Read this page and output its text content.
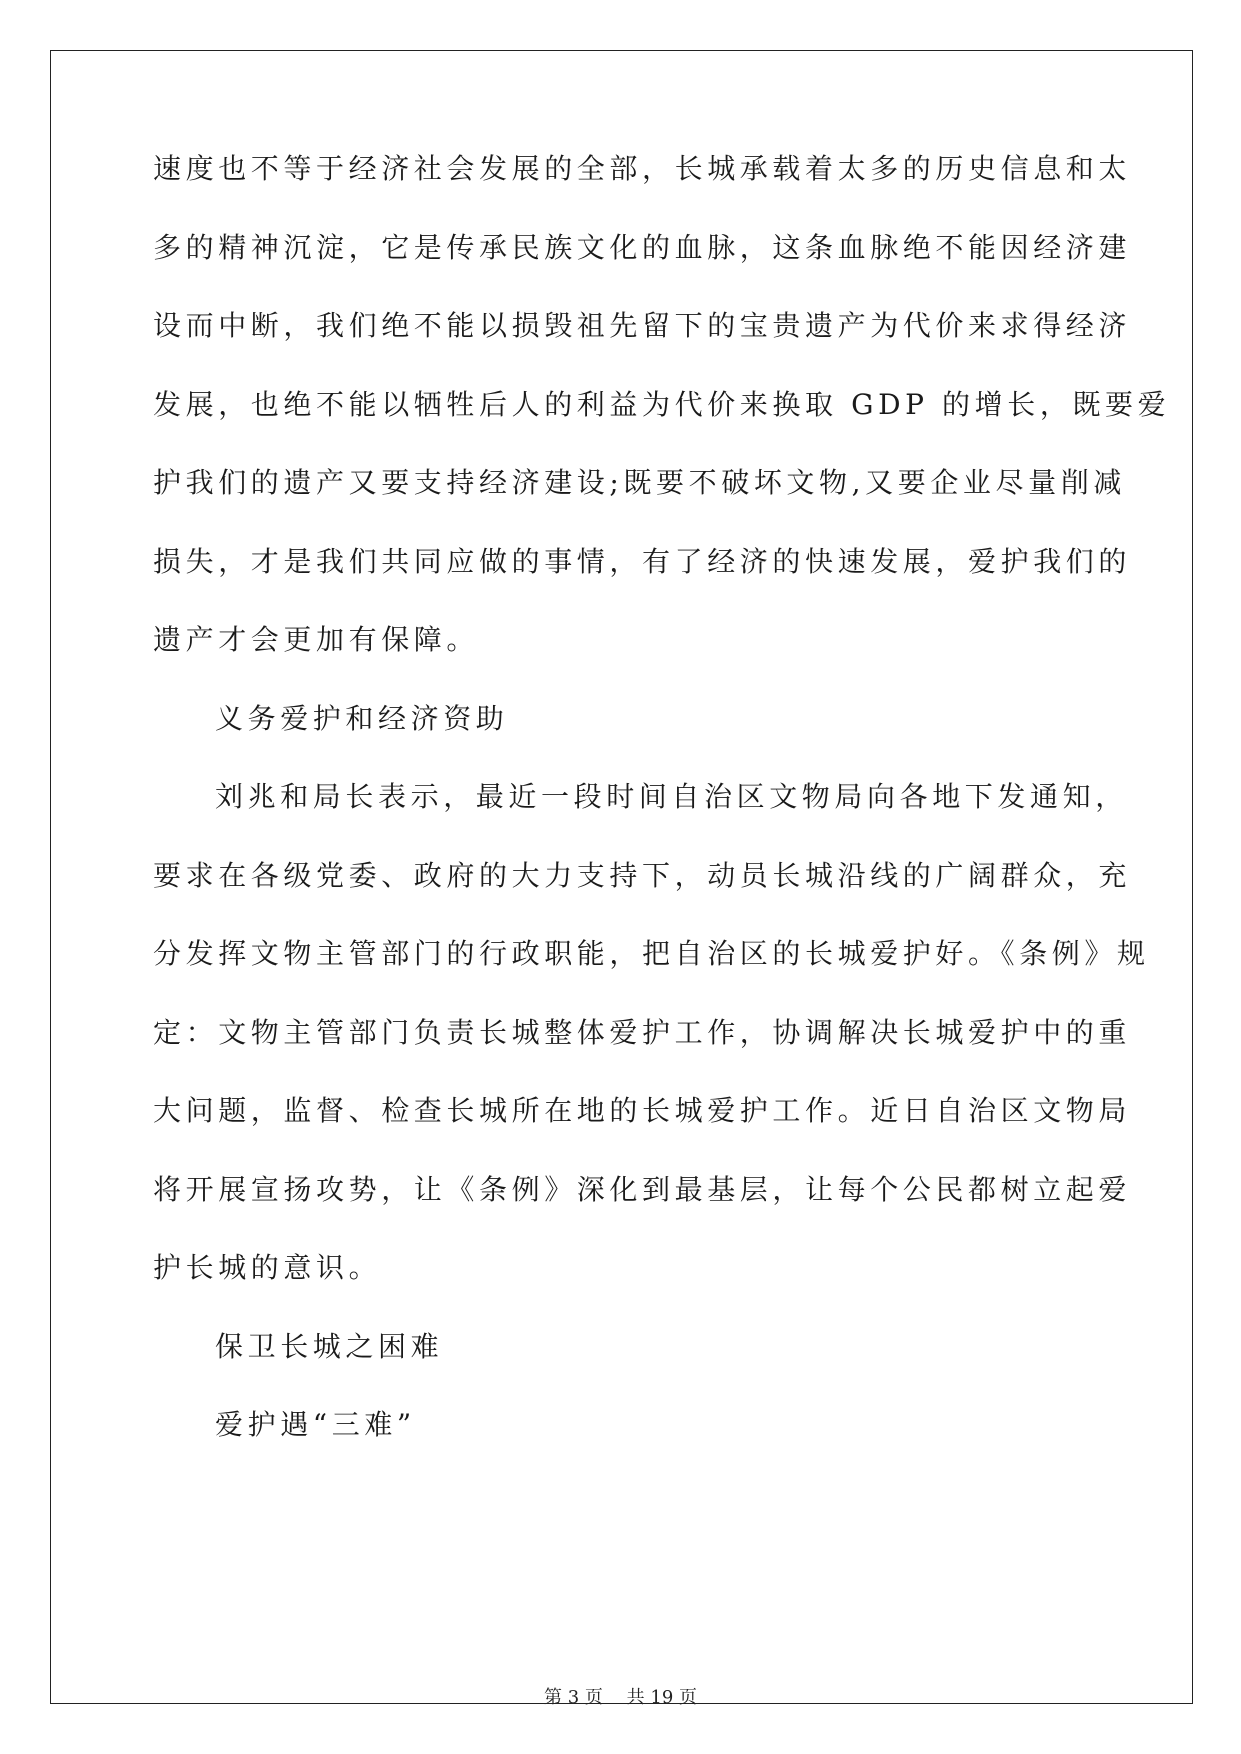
速度也不等于经济社会发展的全部，长城承载着太多的历史信息和太
多的精神沉淀，它是传承民族文化的血脉，这条血脉绝不能因经济建
设而中断，我们绝不能以损毁祖先留下的宝贵遗产为代价来求得经济
发展，也绝不能以牺牲后人的利益为代价来换取 GDP 的增长，既要爱
护我们的遗产又要支持经济建设;既要不破坏文物,又要企业尽量削减
损失，才是我们共同应做的事情，有了经济的快速发展，爱护我们的
遗产才会更加有保障。
义务爱护和经济资助
刘兆和局长表示，最近一段时间自治区文物局向各地下发通知，
要求在各级党委、政府的大力支持下，动员长城沿线的广阔群众，充
分发挥文物主管部门的行政职能，把自治区的长城爱护好。《条例》规
定：文物主管部门负责长城整体爱护工作，协调解决长城爱护中的重
大问题，监督、检查长城所在地的长城爱护工作。近日自治区文物局
将开展宣扬攻势，让《条例》深化到最基层，让每个公民都树立起爱
护长城的意识。
保卫长城之困难
爱护遇“三难”
第 3 页 共 19 页
